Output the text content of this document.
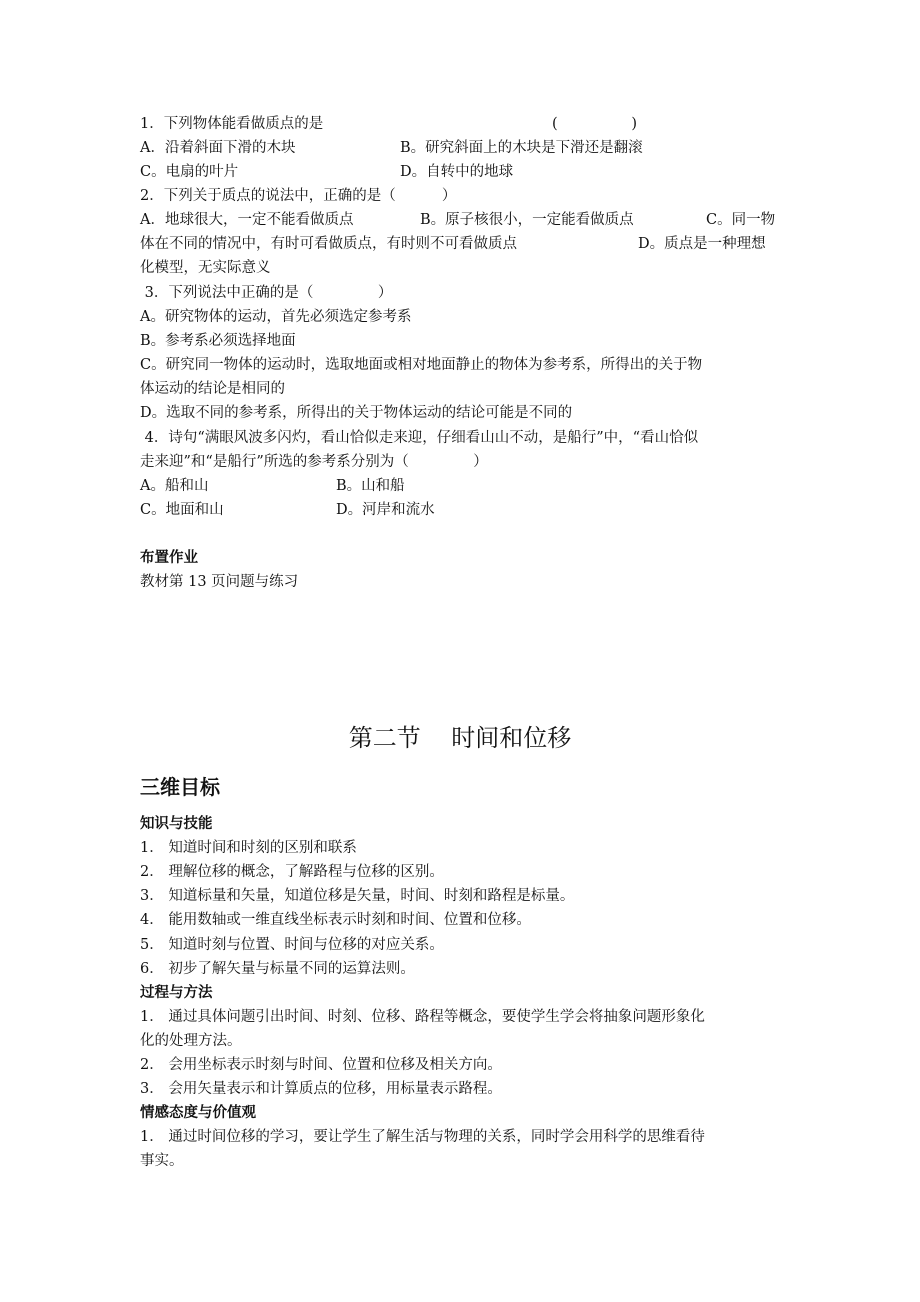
1．下列物体能看做质点的是	(                )
A．沿着斜面下滑的木块	B。研究斜面上的木块是下滑还是翻滚
C。电扇的叶片	D。自转中的地球
2．下列关于质点的说法中，正确的是（          ）
A．地球很大，一定不能看做质点	B。原子核很小，一定能看做质点	C。同一物
体在不同的情况中，有时可看做质点，有时则不可看做质点	D。质点是一种理想
化模型，无实际意义
3．下列说法中正确的是（              ）
A。研究物体的运动，首先必须选定参考系
B。参考系必须选择地面
C。研究同一物体的运动时，选取地面或相对地面静止的物体为参考系，所得出的关于物
体运动的结论是相同的
D。选取不同的参考系，所得出的关于物体运动的结论可能是不同的
4．诗句“满眼风波多闪灼，看山恰似走来迎，仔细看山山不动，是船行”中，“看山恰似
走来迎”和“是船行”所选的参考系分别为（              ）
A。船和山	B。山和船
C。地面和山	D。河岸和流水
布置作业
教材第 13 页问题与练习
第二节    时间和位移
三维目标
知识与技能
1． 知道时间和时刻的区别和联系
2． 理解位移的概念，了解路程与位移的区别。
3． 知道标量和矢量，知道位移是矢量，时间、时刻和路程是标量。
4． 能用数轴或一维直线坐标表示时刻和时间、位置和位移。
5． 知道时刻与位置、时间与位移的对应关系。
6． 初步了解矢量与标量不同的运算法则。
过程与方法
1． 通过具体问题引出时间、时刻、位移、路程等概念，要使学生学会将抽象问题形象化
化的处理方法。
2． 会用坐标表示时刻与时间、位置和位移及相关方向。
3． 会用矢量表示和计算质点的位移，用标量表示路程。
情感态度与价值观
1． 通过时间位移的学习，要让学生了解生活与物理的关系，同时学会用科学的思维看待
事实。
